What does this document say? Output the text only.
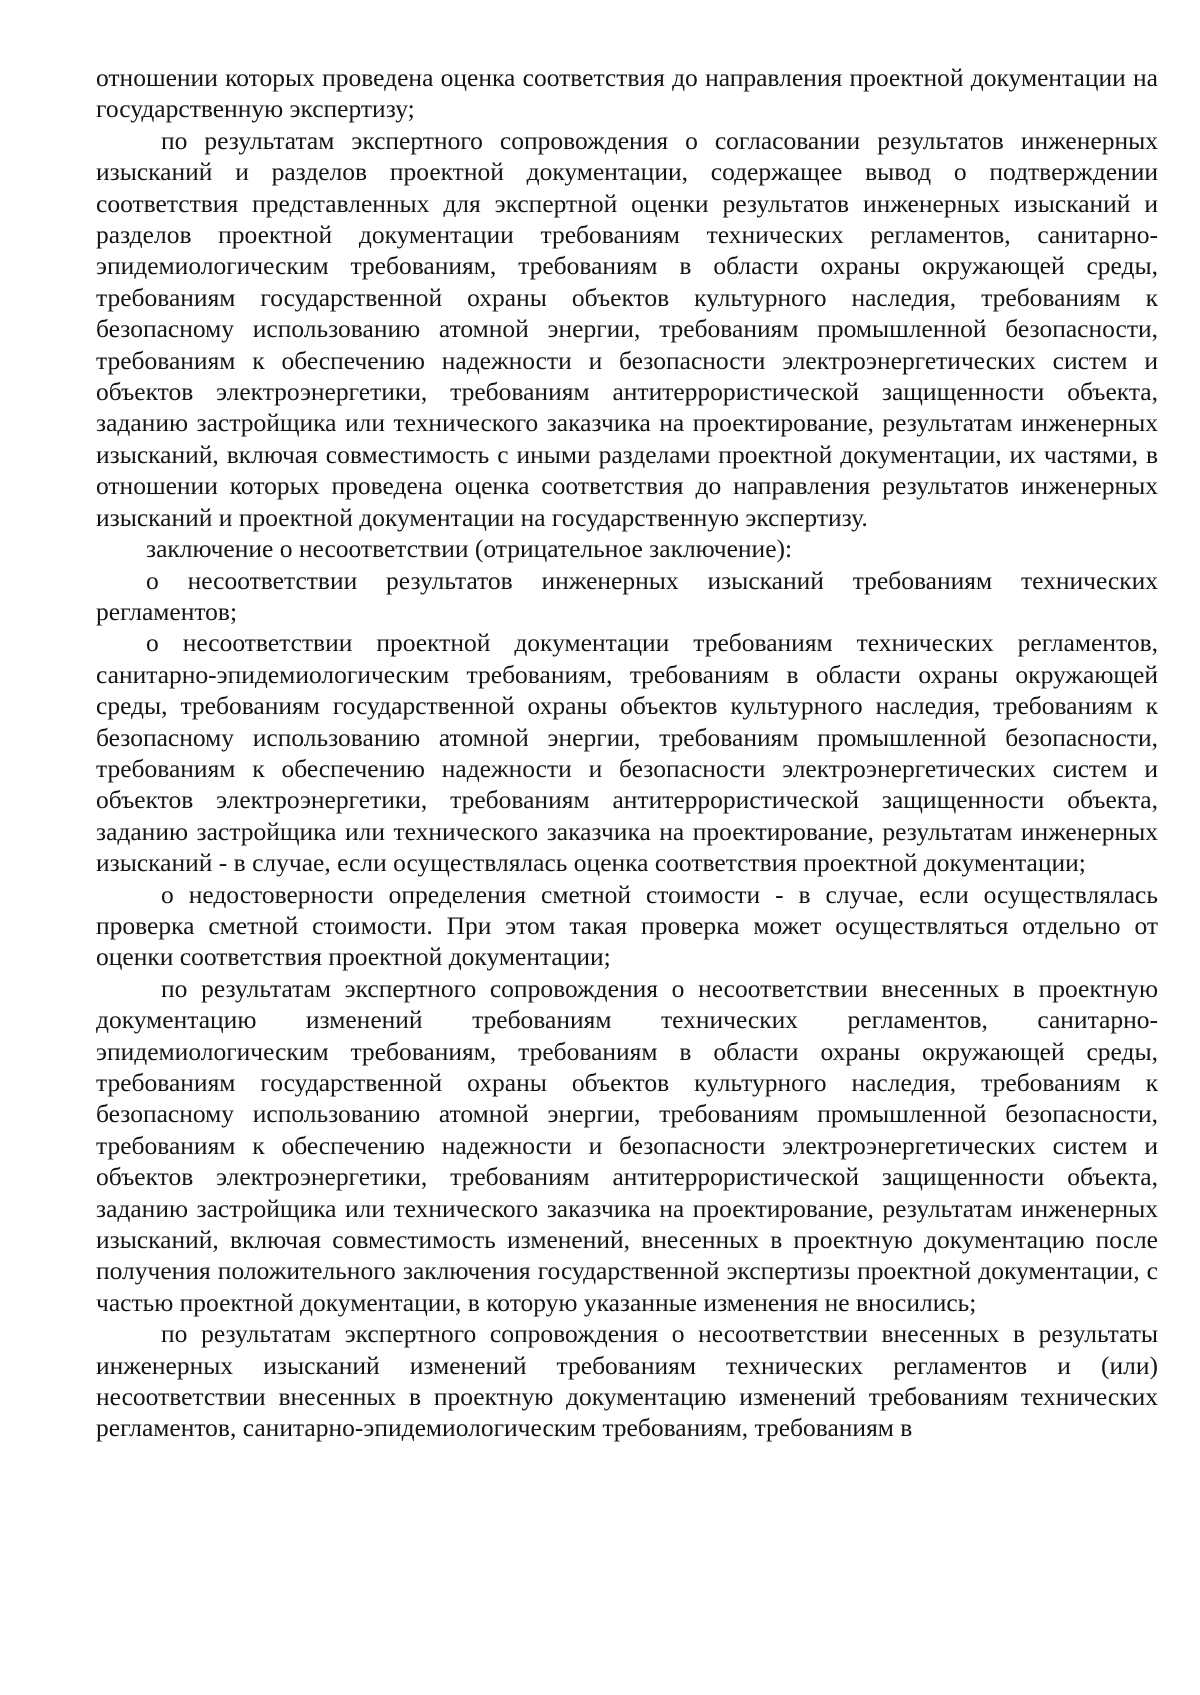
отношении которых проведена оценка соответствия до направления проектной документации на государственную экспертизу;

по результатам экспертного сопровождения о согласовании результатов инженерных изысканий и разделов проектной документации, содержащее вывод о подтверждении соответствия представленных для экспертной оценки результатов инженерных изысканий и разделов проектной документации требованиям технических регламентов, санитарно-эпидемиологическим требованиям, требованиям в области охраны окружающей среды, требованиям государственной охраны объектов культурного наследия, требованиям к безопасному использованию атомной энергии, требованиям промышленной безопасности, требованиям к обеспечению надежности и безопасности электроэнергетических систем и объектов электроэнергетики, требованиям антитеррористической защищенности объекта, заданию застройщика или технического заказчика на проектирование, результатам инженерных изысканий, включая совместимость с иными разделами проектной документации, их частями, в отношении которых проведена оценка соответствия до направления результатов инженерных изысканий и проектной документации на государственную экспертизу.

заключение о несоответствии (отрицательное заключение):

о несоответствии результатов инженерных изысканий требованиям технических регламентов;

о несоответствии проектной документации требованиям технических регламентов, санитарно-эпидемиологическим требованиям, требованиям в области охраны окружающей среды, требованиям государственной охраны объектов культурного наследия, требованиям к безопасному использованию атомной энергии, требованиям промышленной безопасности, требованиям к обеспечению надежности и безопасности электроэнергетических систем и объектов электроэнергетики, требованиям антитеррористической защищенности объекта, заданию застройщика или технического заказчика на проектирование, результатам инженерных изысканий - в случае, если осуществлялась оценка соответствия проектной документации;

о недостоверности определения сметной стоимости - в случае, если осуществлялась проверка сметной стоимости. При этом такая проверка может осуществляться отдельно от оценки соответствия проектной документации;

по результатам экспертного сопровождения о несоответствии внесенных в проектную документацию изменений требованиям технических регламентов, санитарно-эпидемиологическим требованиям, требованиям в области охраны окружающей среды, требованиям государственной охраны объектов культурного наследия, требованиям к безопасному использованию атомной энергии, требованиям промышленной безопасности, требованиям к обеспечению надежности и безопасности электроэнергетических систем и объектов электроэнергетики, требованиям антитеррористической защищенности объекта, заданию застройщика или технического заказчика на проектирование, результатам инженерных изысканий, включая совместимость изменений, внесенных в проектную документацию после получения положительного заключения государственной экспертизы проектной документации, с частью проектной документации, в которую указанные изменения не вносились;

по результатам экспертного сопровождения о несоответствии внесенных в результаты инженерных изысканий изменений требованиям технических регламентов и (или) несоответствии внесенных в проектную документацию изменений требованиям технических регламентов, санитарно-эпидемиологическим требованиям, требованиям в
